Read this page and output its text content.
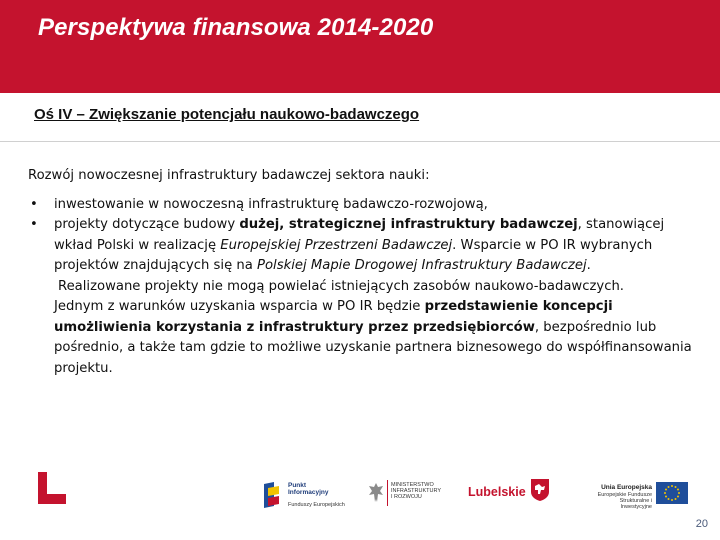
Perspektywa finansowa 2014-2020

Oś IV – Zwiększanie potencjału naukowo-badawczego

Rozwój nowoczesnej infrastruktury badawczej sektora nauki:

• inwestowanie w nowoczesną infrastrukturę badawczo-rozwojową,
• projekty dotyczące budowy dużej, strategicznej infrastruktury badawczej, stanowiącej wkład Polski w realizację Europejskiej Przestrzeni Badawczej. Wsparcie w PO IR wybranych projektów znajdujących się na Polskiej Mapie Drogowej Infrastruktury Badawczej.

Realizowane projekty nie mogą powielać istniejących zasobów naukowo-badawczych.

Jednym z warunków uzyskania wsparcia w PO IR będzie przedstawienie koncepcji umożliwienia korzystania z infrastruktury przez przedsiębiorców, bezpośrednio lub pośrednio, a także tam gdzie to możliwe uzyskanie partnera biznesowego do współfinansowania projektu.

Punkt
Informacyjny
Funduszy Europejskich
MINISTERSTWO
INFRASTRUKTURY
I ROZWOJU	Lubelskie	Unia Europejska
Europejskie Fundusze
Strukturalne i Inwestycyjne
20
